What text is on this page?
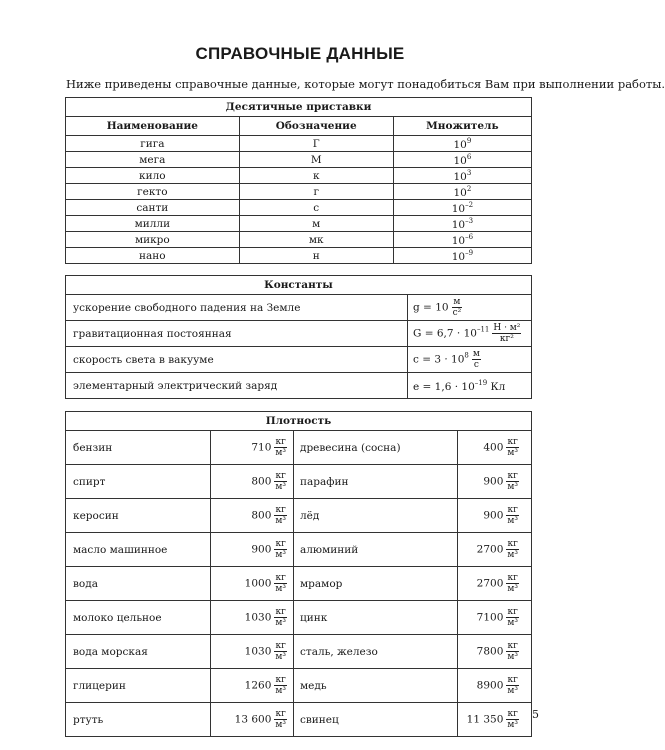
СПРАВОЧНЫЕ ДАННЫЕ
Ниже приведены справочные данные, которые могут понадобиться Вам при выполнении работы.
Десятичные приставки		
Наименование	Обозначение	Множитель
гига	Г	$10^9$
мега	М	$10^6$
кило	к	$10^3$
гекто	г	$10^2$
санти	с	$10^{-2}$
милли	м	$10^{-3}$
микро	мк	$10^{-6}$
нано	н	$10^{-9}$
Константы	
ускорение свободного падения на Земле	$g = 10 \frac{м}{\text{с²}}$

гравитационная постоянная	$G = 6,7 \cdot 10^{-11} \frac{\text{Н · м²}}{\text{кг²}}$

скорость света в вакууме	$c = 3 \cdot 10^8 \frac{м}{с}$

элементарный электрический заряд	$e = 1,6 \cdot 10^{-19}$ Кл
Плотность			
бензин	$710 \frac{кг}{\text{м³}}$	древесина (сосна)	$400 \frac{кг}{\text{м³}}$

спирт	$800 \frac{кг}{\text{м³}}$	парафин	$900 \frac{кг}{\text{м³}}$

керосин	$800 \frac{кг}{\text{м³}}$	лёд	$900 \frac{кг}{\text{м³}}$

масло машинное	$900 \frac{кг}{\text{м³}}$	алюминий	$2700 \frac{кг}{\text{м³}}$

вода	$1000 \frac{кг}{\text{м³}}$	мрамор	$2700 \frac{кг}{\text{м³}}$

молоко цельное	$1030 \frac{кг}{\text{м³}}$	цинк	$7100 \frac{кг}{\text{м³}}$

вода морская	$1030 \frac{кг}{\text{м³}}$	сталь, железо	$7800 \frac{кг}{\text{м³}}$

глицерин	$1260 \frac{кг}{\text{м³}}$	медь	$8900 \frac{кг}{\text{м³}}$

ртуть	13 $600 \frac{кг}{\text{м³}}$	свинец	11 $350 \frac{кг}{\text{м³}} 5$
